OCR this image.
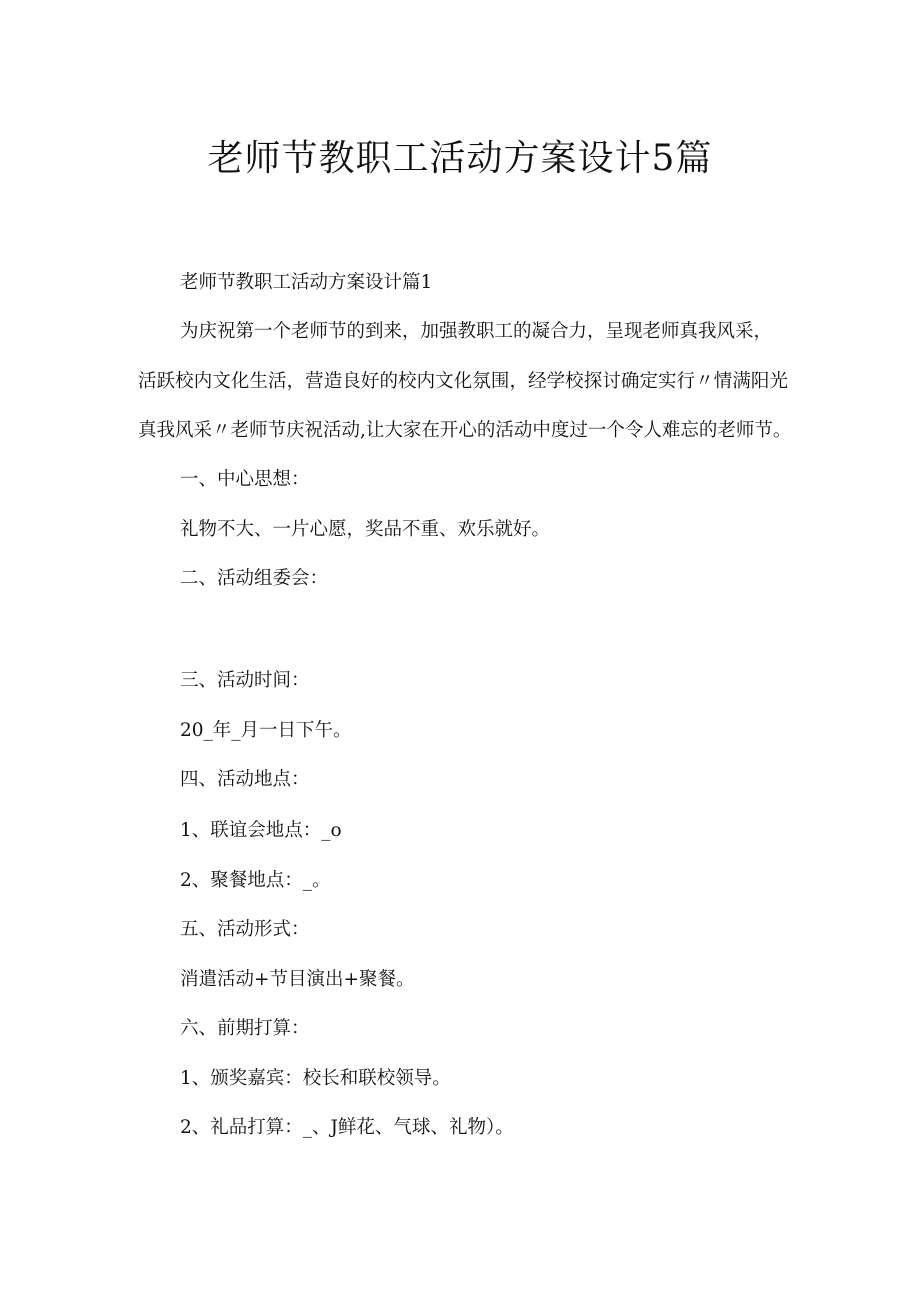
老师节教职工活动方案设计5篇

老师节教职工活动方案设计篇1

为庆祝第一个老师节的到来，加强教职工的凝合力，呈现老师真我风采，

活跃校内文化生活，营造良好的校内文化氛围，经学校探讨确定实行〃情满阳光

真我风采〃老师节庆祝活动,让大家在开心的活动中度过一个令人难忘的老师节。

一、中心思想：

礼物不大、一片心愿，奖品不重、欢乐就好。

二、活动组委会：

三、活动时间：

20_年_月一日下午。

四、活动地点：

1、联谊会地点：_o

2、聚餐地点：_。

五、活动形式：

消遣活动+节目演出+聚餐。

六、前期打算：

1、颁奖嘉宾：校长和联校领导。

2、礼品打算：_、J鲜花、气球、礼物）。
